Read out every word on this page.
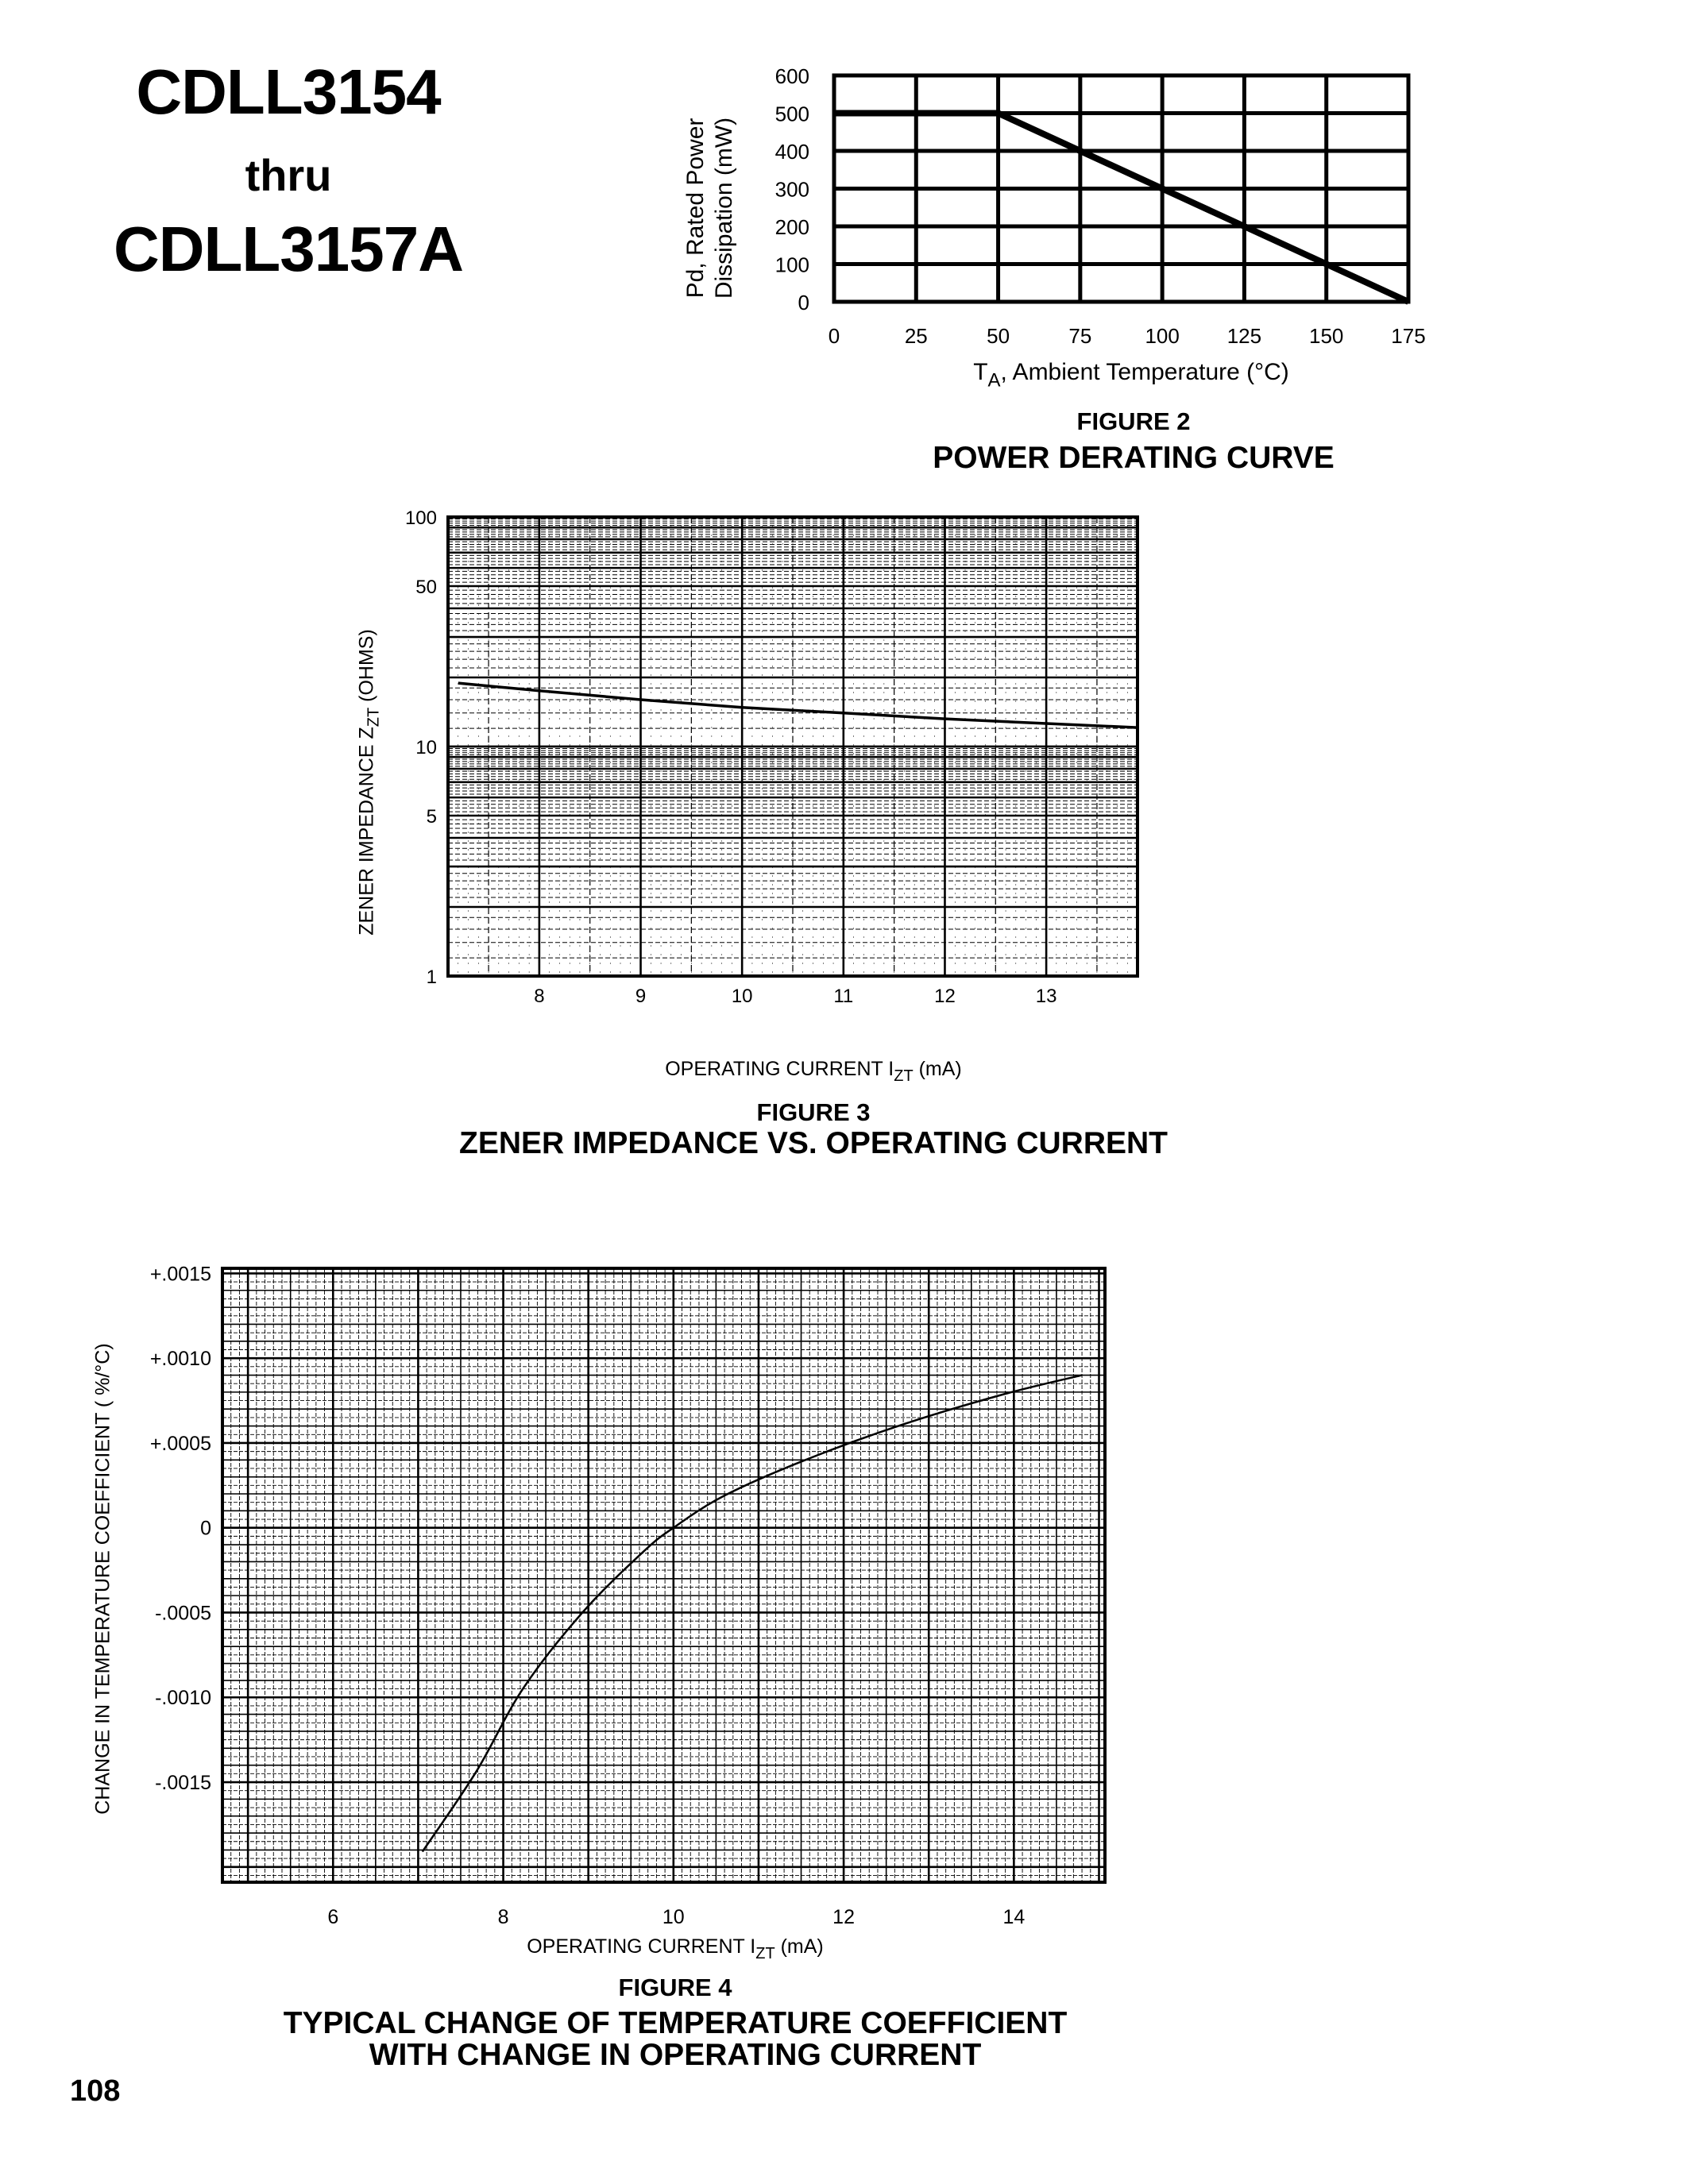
CDLL3154
thru
CDLL3157A
0	25	50	75	100 125 150 175
0
100
200
300
400
500
600
8	9	10	11	12	13
1
5
10
50
100
6	8	10	12	14
+.0015
+.0010
+.0005
0
-.0005
-.0010
-.0015
Pd, Rated Power Dissipation (mW)
$T_A$, Ambient Temperature (°C)
FIGURE 2
POWER DERATING CURVE
ZENER IMPEDANCE $Z_{ZT}$ (OHMS)
OPERATING CURRENT $I_{ZT}$ (mA)
FIGURE 3
ZENER IMPEDANCE VS. OPERATING CURRENT
CHANGE IN TEMPERATURE COEFFICIENT ( %/°C)
OPERATING CURRENT $I_{ZT}$ (mA)
FIGURE 4
TYPICAL CHANGE OF TEMPERATURE COEFFICIENT
WITH CHANGE IN OPERATING CURRENT
108
